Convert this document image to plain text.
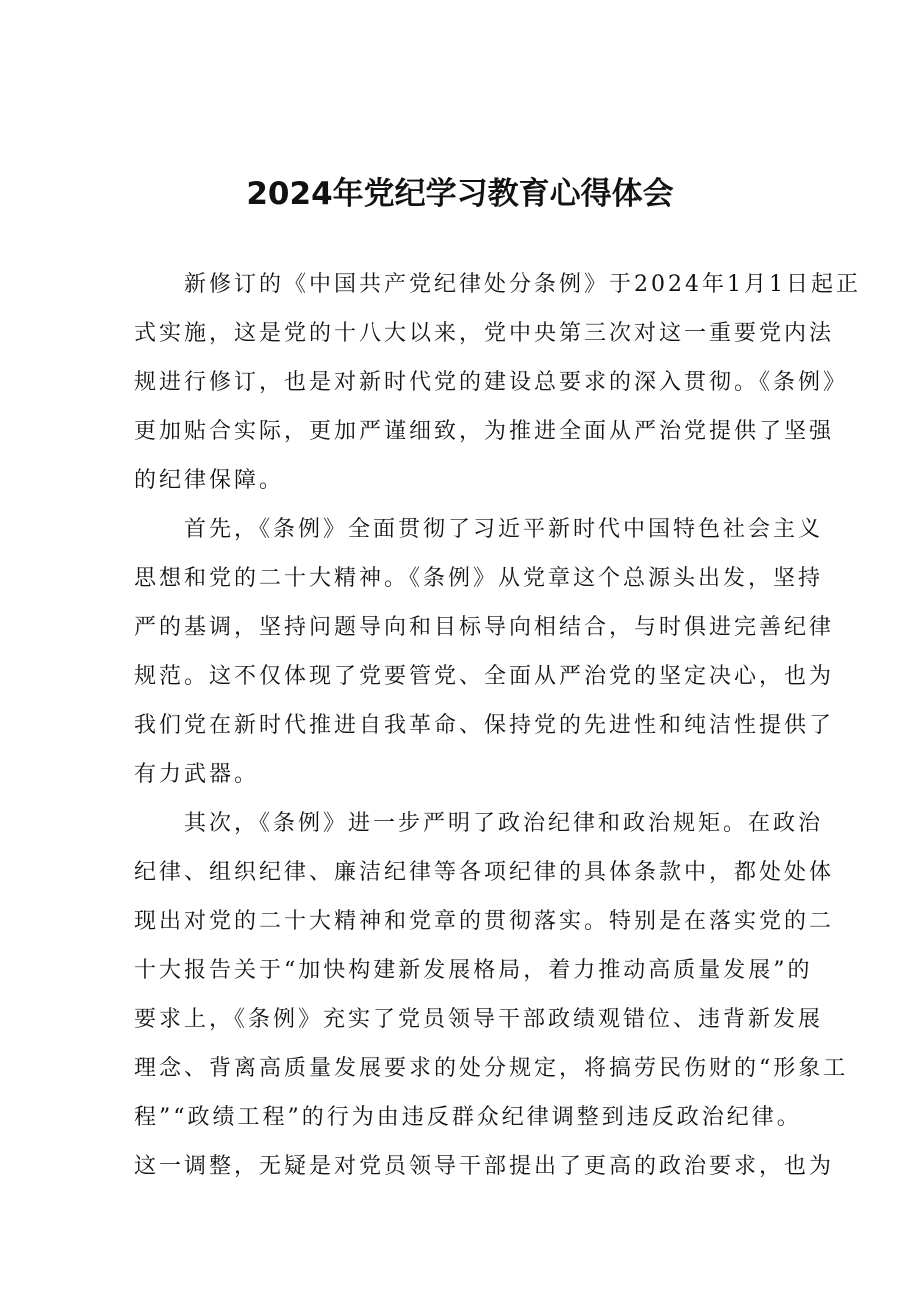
2024年党纪学习教育心得体会
新修订的《中国共产党纪律处分条例》于2024年1月1日起正
式实施，这是党的十八大以来，党中央第三次对这一重要党内法
规进行修订，也是对新时代党的建设总要求的深入贯彻。《条例》
更加贴合实际，更加严谨细致，为推进全面从严治党提供了坚强
的纪律保障。
首先，《条例》全面贯彻了习近平新时代中国特色社会主义
思想和党的二十大精神。《条例》从党章这个总源头出发，坚持
严的基调，坚持问题导向和目标导向相结合，与时俱进完善纪律
规范。这不仅体现了党要管党、全面从严治党的坚定决心，也为
我们党在新时代推进自我革命、保持党的先进性和纯洁性提供了
有力武器。
其次，《条例》进一步严明了政治纪律和政治规矩。在政治
纪律、组织纪律、廉洁纪律等各项纪律的具体条款中，都处处体
现出对党的二十大精神和党章的贯彻落实。特别是在落实党的二
十大报告关于“加快构建新发展格局，着力推动高质量发展”的
要求上，《条例》充实了党员领导干部政绩观错位、违背新发展
理念、背离高质量发展要求的处分规定，将搞劳民伤财的“形象工
程”“政绩工程”的行为由违反群众纪律调整到违反政治纪律。
这一调整，无疑是对党员领导干部提出了更高的政治要求，也为
